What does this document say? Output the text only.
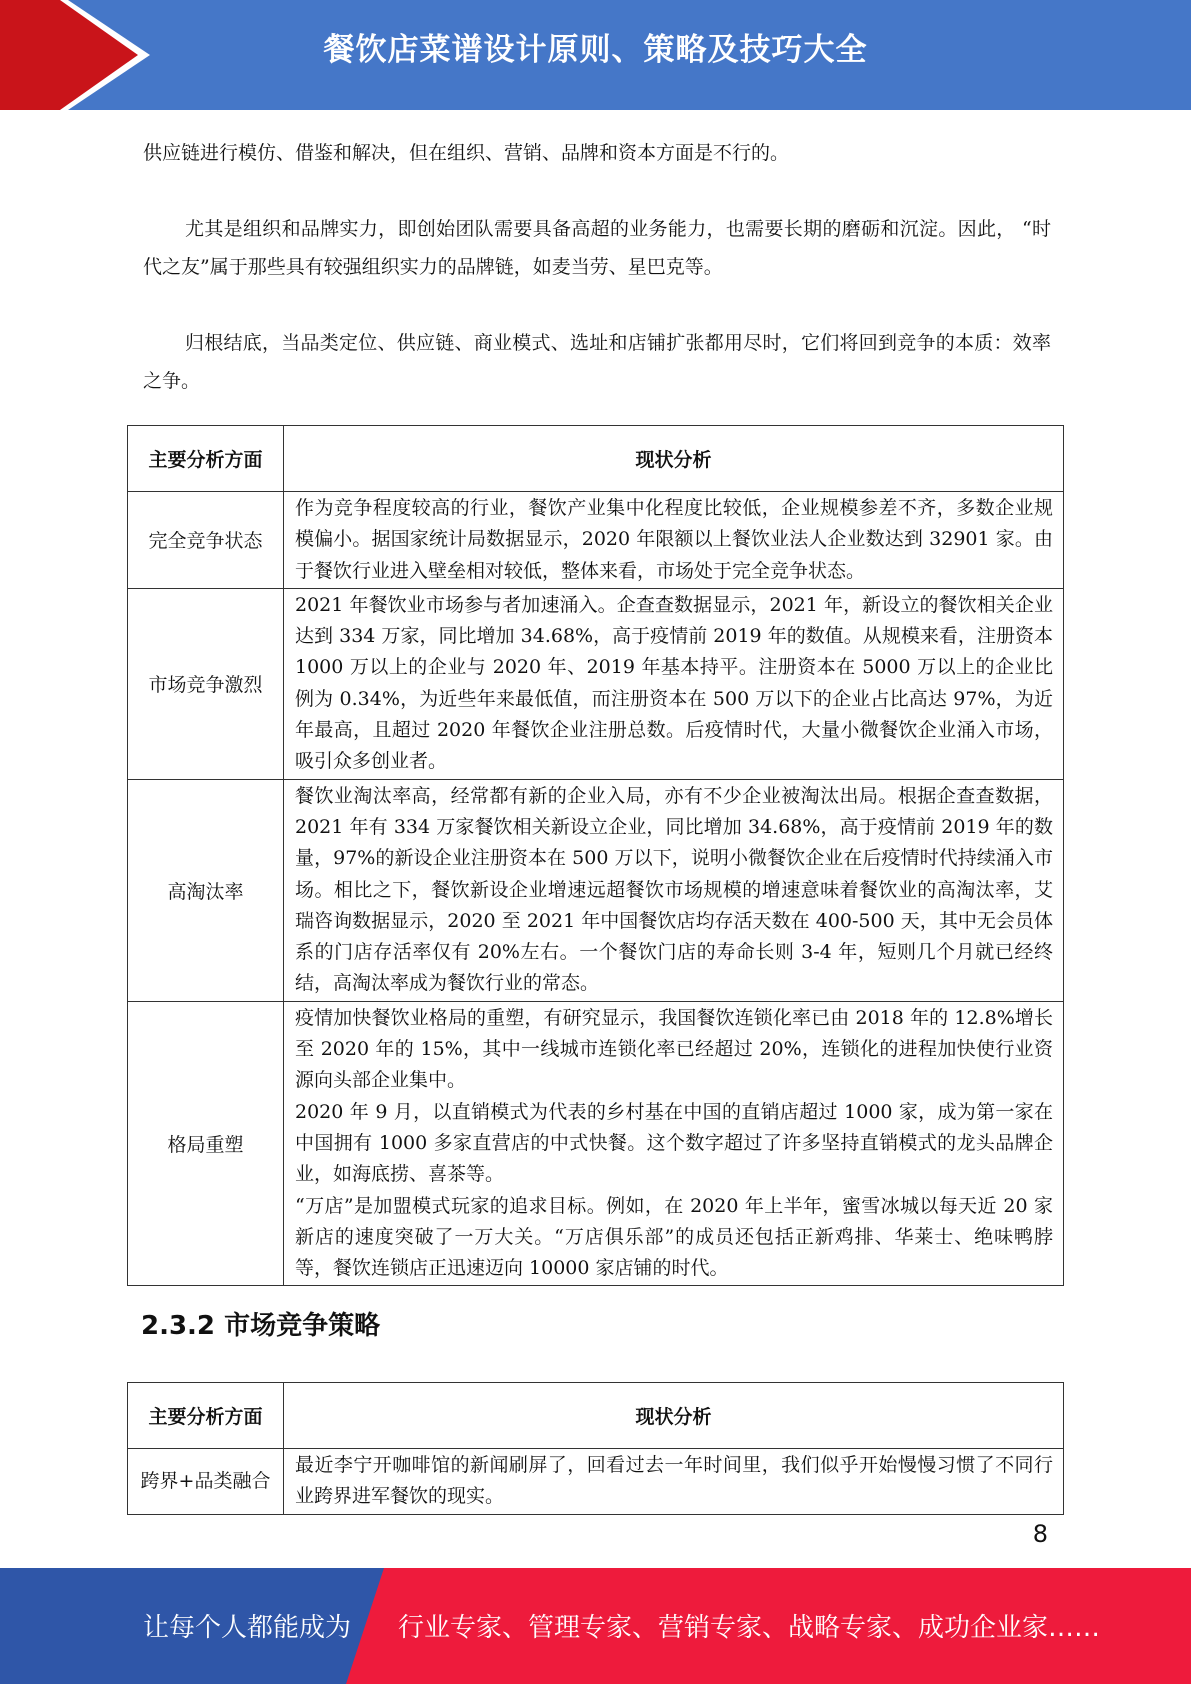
餐饮店菜谱设计原则、策略及技巧大全

供应链进行模仿、借鉴和解决，但在组织、营销、品牌和资本方面是不行的。

尤其是组织和品牌实力，即创始团队需要具备高超的业务能力，也需要长期的磨砺和沉淀。因此， “时代之友”属于那些具有较强组织实力的品牌链，如麦当劳、星巴克等。

归根结底，当品类定位、供应链、商业模式、选址和店铺扩张都用尽时，它们将回到竞争的本质：效率之争。

主要分析方面	现状分析
完全竞争状态	作为竞争程度较高的行业，餐饮产业集中化程度比较低，企业规模参差不齐，多数企业规模偏小。据国家统计局数据显示，2020 年限额以上餐饮业法人企业数达到 32901 家。由于餐饮行业进入壁垒相对较低，整体来看，市场处于完全竞争状态。

市场竞争激烈	2021 年餐饮业市场参与者加速涌入。企查查数据显示，2021 年，新设立的餐饮相关企业达到 334 万家，同比增加 34.68%，高于疫情前 2019 年的数值。从规模来看，注册资本 1000 万以上的企业与 2020 年、2019 年基本持平。注册资本在 5000 万以上的企业比例为 0.34%，为近些年来最低值，而注册资本在 500 万以下的企业占比高达 97%，为近年最高，且超过 2020 年餐饮企业注册总数。后疫情时代，大量小微餐饮企业涌入市场，吸引众多创业者。

高淘汰率	餐饮业淘汰率高，经常都有新的企业入局，亦有不少企业被淘汰出局。根据企查查数据，2021 年有 334 万家餐饮相关新设立企业，同比增加 34.68%，高于疫情前 2019 年的数量，97%的新设企业注册资本在 500 万以下，说明小微餐饮企业在后疫情时代持续涌入市场。相比之下，餐饮新设企业增速远超餐饮市场规模的增速意味着餐饮业的高淘汰率，艾瑞咨询数据显示，2020 至 2021 年中国餐饮店均存活天数在 400-500 天，其中无会员体系的门店存活率仅有 20%左右。一个餐饮门店的寿命长则 3-4 年，短则几个月就已经终结，高淘汰率成为餐饮行业的常态。

格局重塑	疫情加快餐饮业格局的重塑，有研究显示，我国餐饮连锁化率已由 2018 年的 12.8%增长至 2020 年的 15%，其中一线城市连锁化率已经超过 20%，连锁化的进程加快使行业资源向头部企业集中。

2020 年 9 月，以直销模式为代表的乡村基在中国的直销店超过 1000 家，成为第一家在中国拥有 1000 多家直营店的中式快餐。这个数字超过了许多坚持直销模式的龙头品牌企业，如海底捞、喜茶等。

“万店”是加盟模式玩家的追求目标。例如，在 2020 年上半年，蜜雪冰城以每天近 20 家新店的速度突破了一万大关。“万店俱乐部”的成员还包括正新鸡排、华莱士、绝味鸭脖等，餐饮连锁店正迅速迈向 10000 家店铺的时代。

2.3.2 市场竞争策略
主要分析方面	现状分析
跨界+品类融合	最近李宁开咖啡馆的新闻刷屏了，回看过去一年时间里，我们似乎开始慢慢习惯了不同行业跨界进军餐饮的现实。

8
让每个人都能成为 行业专家、管理专家、营销专家、战略专家、成功企业家……
